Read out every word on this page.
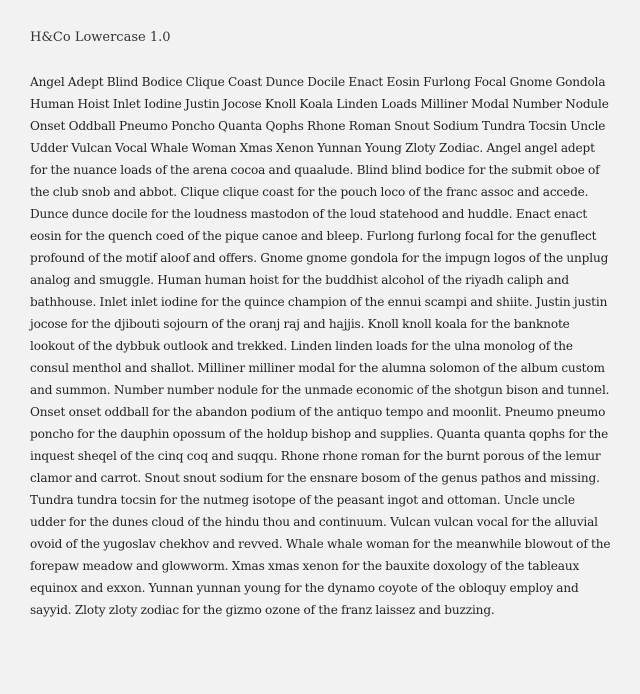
H&Co Lowercase 1.0

Angel Adept Blind Bodice Clique Coast Dunce Docile Enact Eosin Furlong Focal Gnome Gondola Human Hoist Inlet Iodine Justin Jocose Knoll Koala Linden Loads Milliner Modal Number Nodule Onset Oddball Pneumo Poncho Quanta Qophs Rhone Roman Snout Sodium Tundra Tocsin Uncle Udder Vulcan Vocal Whale Woman Xmas Xenon Yunnan Young Zloty Zodiac. Angel angel adept for the nuance loads of the arena cocoa and quaalude. Blind blind bodice for the submit oboe of the club snob and abbot. Clique clique coast for the pouch loco of the franc assoc and accede. Dunce dunce docile for the loudness mastodon of the loud statehood and huddle. Enact enact eosin for the quench coed of the pique canoe and bleep. Furlong furlong focal for the genuflect profound of the motif aloof and offers. Gnome gnome gondola for the impugn logos of the unplug analog and smuggle. Human human hoist for the buddhist alcohol of the riyadh caliph and bathhouse. Inlet inlet iodine for the quince champion of the ennui scampi and shiite. Justin justin jocose for the djibouti sojourn of the oranj raj and hajjis. Knoll knoll koala for the banknote lookout of the dybbuk outlook and trekked. Linden linden loads for the ulna monolog of the consul menthol and shallot. Milliner milliner modal for the alumna solomon of the album custom and summon. Number number nodule for the unmade economic of the shotgun bison and tunnel. Onset onset oddball for the abandon podium of the antiquo tempo and moonlit. Pneumo pneumo poncho for the dauphin opossum of the holdup bishop and supplies. Quanta quanta qophs for the inquest sheqel of the cinq coq and suqqu. Rhone rhone roman for the burnt porous of the lemur clamor and carrot. Snout snout sodium for the ensnare bosom of the genus pathos and missing. Tundra tundra tocsin for the nutmeg isotope of the peasant ingot and ottoman. Uncle uncle udder for the dunes cloud of the hindu thou and continuum. Vulcan vulcan vocal for the alluvial ovoid of the yugoslav chekhov and revved. Whale whale woman for the meanwhile blowout of the forepaw meadow and glowworm. Xmas xmas xenon for the bauxite doxology of the tableaux equinox and exxon. Yunnan yunnan young for the dynamo coyote of the obloquy employ and sayyid. Zloty zloty zodiac for the gizmo ozone of the franz laissez and buzzing.
